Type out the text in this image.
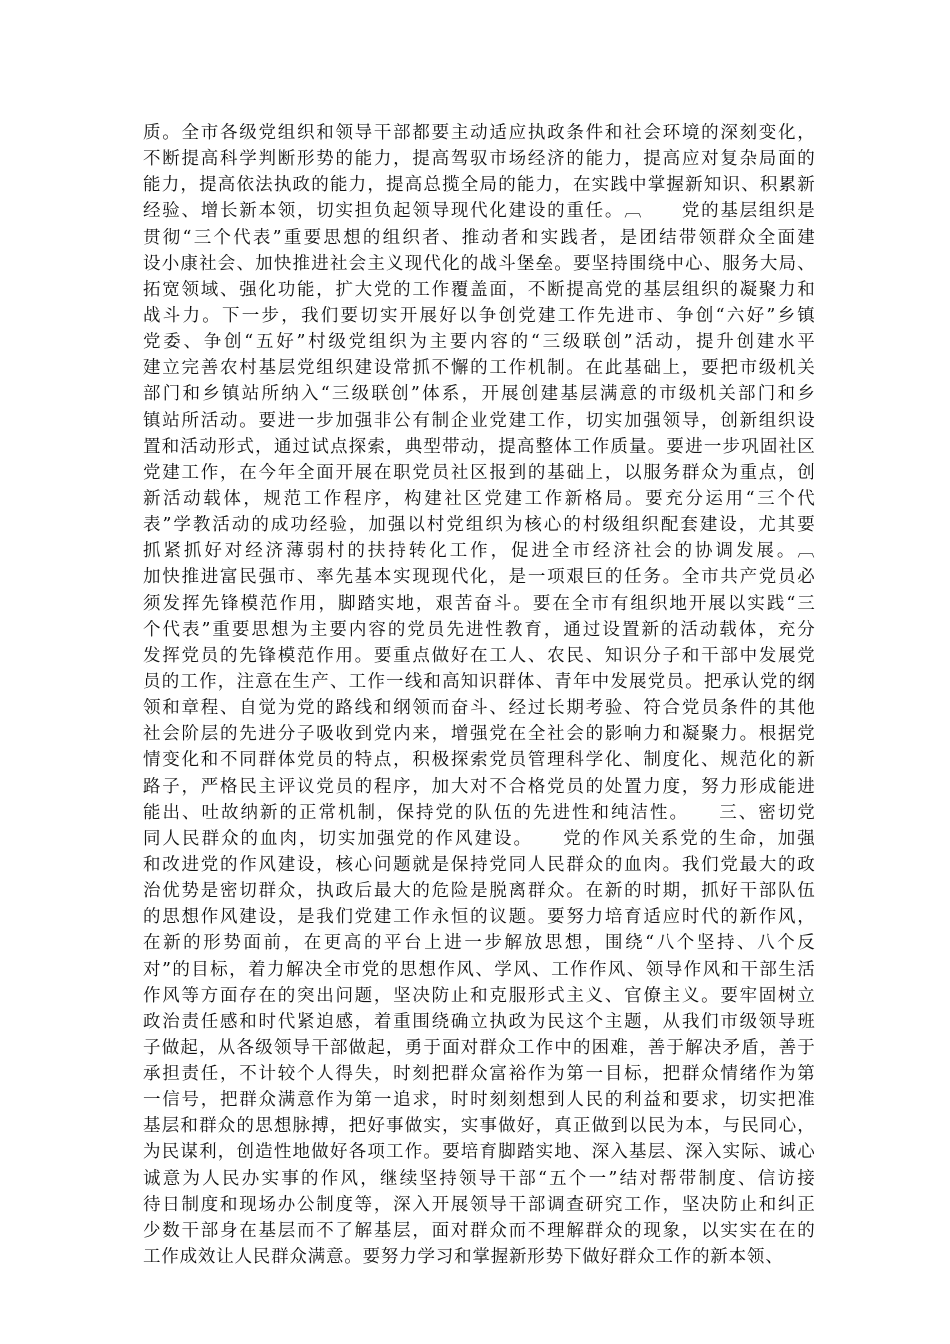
质。全市各级党组织和领导干部都要主动适应执政条件和社会环境的深刻变化，
不断提高科学判断形势的能力，提高驾驭市场经济的能力，提高应对复杂局面的
能力，提高依法执政的能力，提高总揽全局的能力，在实践中掌握新知识、积累新
经验、增长新本领，切实担负起领导现代化建设的重任。︹　　党的基层组织是
贯彻“三个代表”重要思想的组织者、推动者和实践者，是团结带领群众全面建
设小康社会、加快推进社会主义现代化的战斗堡垒。要坚持围绕中心、服务大局、
拓宽领域、强化功能，扩大党的工作覆盖面，不断提高党的基层组织的凝聚力和
战斗力。下一步，我们要切实开展好以争创党建工作先进市、争创“六好”乡镇
党委、争创“五好”村级党组织为主要内容的“三级联创”活动，提升创建水平
建立完善农村基层党组织建设常抓不懈的工作机制。在此基础上，要把市级机关
部门和乡镇站所纳入“三级联创”体系，开展创建基层满意的市级机关部门和乡
镇站所活动。要进一步加强非公有制企业党建工作，切实加强领导，创新组织设
置和活动形式，通过试点探索，典型带动，提高整体工作质量。要进一步巩固社区
党建工作，在今年全面开展在职党员社区报到的基础上，以服务群众为重点，创
新活动载体，规范工作程序，构建社区党建工作新格局。要充分运用“三个代
表”学教活动的成功经验，加强以村党组织为核心的村级组织配套建设，尤其要
抓紧抓好对经济薄弱村的扶持转化工作，促进全市经济社会的协调发展。︹
加快推进富民强市、率先基本实现现代化，是一项艰巨的任务。全市共产党员必
须发挥先锋模范作用，脚踏实地，艰苦奋斗。要在全市有组织地开展以实践“三
个代表”重要思想为主要内容的党员先进性教育，通过设置新的活动载体，充分
发挥党员的先锋模范作用。要重点做好在工人、农民、知识分子和干部中发展党
员的工作，注意在生产、工作一线和高知识群体、青年中发展党员。把承认党的纲
领和章程、自觉为党的路线和纲领而奋斗、经过长期考验、符合党员条件的其他
社会阶层的先进分子吸收到党内来，增强党在全社会的影响力和凝聚力。根据党
情变化和不同群体党员的特点，积极探索党员管理科学化、制度化、规范化的新
路子，严格民主评议党员的程序，加大对不合格党员的处置力度，努力形成能进
能出、吐故纳新的正常机制，保持党的队伍的先进性和纯洁性。　　三、密切党
同人民群众的血肉，切实加强党的作风建设。　　党的作风关系党的生命，加强
和改进党的作风建设，核心问题就是保持党同人民群众的血肉。我们党最大的政
治优势是密切群众，执政后最大的危险是脱离群众。在新的时期，抓好干部队伍
的思想作风建设，是我们党建工作永恒的议题。要努力培育适应时代的新作风，
在新的形势面前，在更高的平台上进一步解放思想，围绕“八个坚持、八个反
对”的目标，着力解决全市党的思想作风、学风、工作作风、领导作风和干部生活
作风等方面存在的突出问题，坚决防止和克服形式主义、官僚主义。要牢固树立
政治责任感和时代紧迫感，着重围绕确立执政为民这个主题，从我们市级领导班
子做起，从各级领导干部做起，勇于面对群众工作中的困难，善于解决矛盾，善于
承担责任，不计较个人得失，时刻把群众富裕作为第一目标，把群众情绪作为第
一信号，把群众满意作为第一追求，时时刻刻想到人民的利益和要求，切实把准
基层和群众的思想脉搏，把好事做实，实事做好，真正做到以民为本，与民同心，
为民谋利，创造性地做好各项工作。要培育脚踏实地、深入基层、深入实际、诚心
诚意为人民办实事的作风，继续坚持领导干部“五个一”结对帮带制度、信访接
待日制度和现场办公制度等，深入开展领导干部调查研究工作，坚决防止和纠正
少数干部身在基层而不了解基层，面对群众而不理解群众的现象，以实实在在的
工作成效让人民群众满意。要努力学习和掌握新形势下做好群众工作的新本领、
